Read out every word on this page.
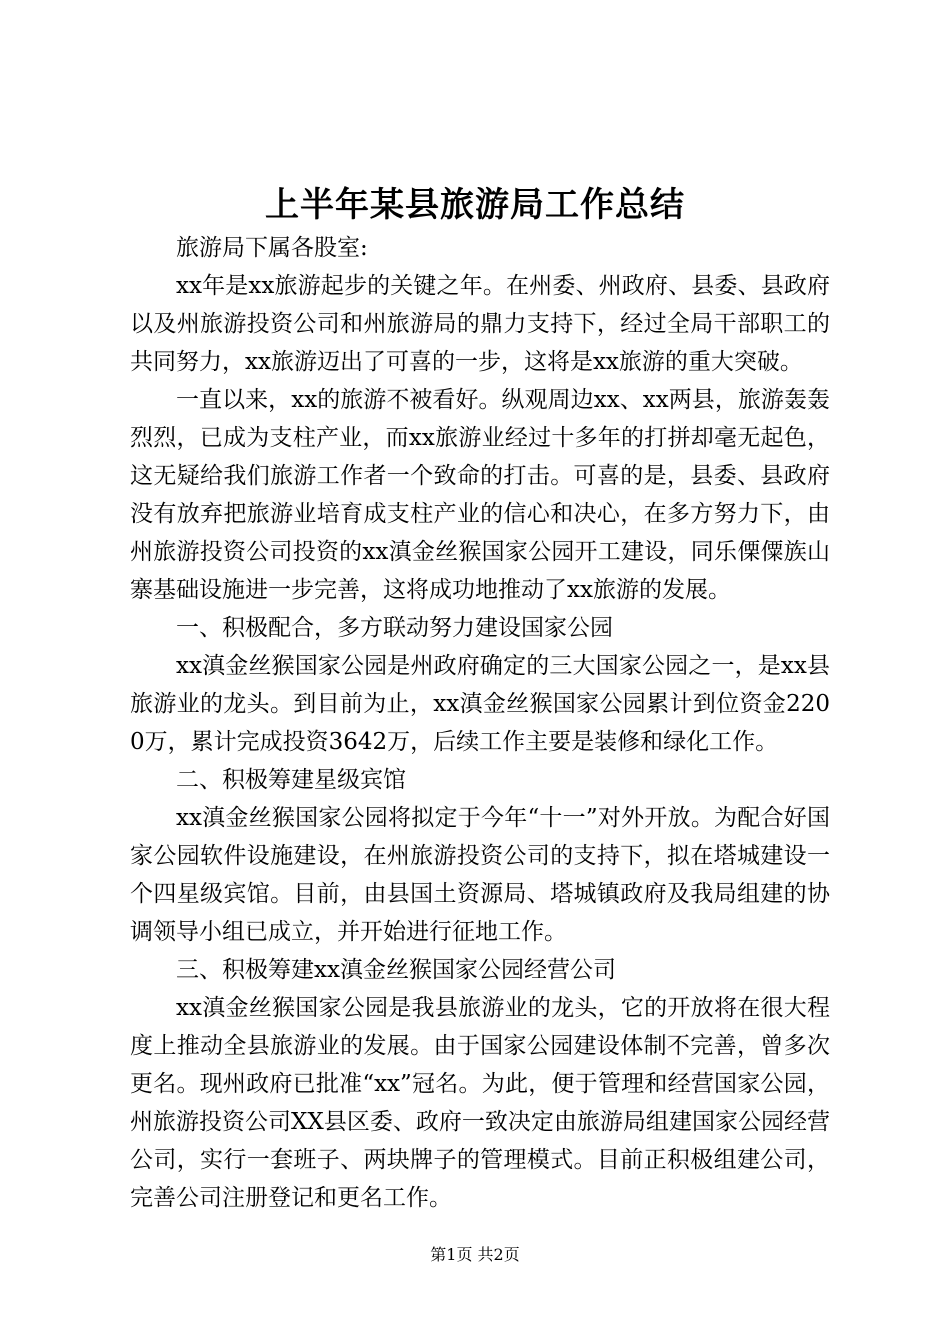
上半年某县旅游局工作总结

旅游局下属各股室:

xx年是xx旅游起步的关键之年。在州委、州政府、县委、县政府以及州旅游投资公司和州旅游局的鼎力支持下，经过全局干部职工的共同努力，xx旅游迈出了可喜的一步，这将是xx旅游的重大突破。

一直以来，xx的旅游不被看好。纵观周边xx、xx两县，旅游轰轰烈烈，已成为支柱产业，而xx旅游业经过十多年的打拼却毫无起色，这无疑给我们旅游工作者一个致命的打击。可喜的是，县委、县政府没有放弃把旅游业培育成支柱产业的信心和决心，在多方努力下，由州旅游投资公司投资的xx滇金丝猴国家公园开工建设，同乐傈僳族山寨基础设施进一步完善，这将成功地推动了xx旅游的发展。

一、积极配合，多方联动努力建设国家公园

xx滇金丝猴国家公园是州政府确定的三大国家公园之一，是xx县旅游业的龙头。到目前为止，xx滇金丝猴国家公园累计到位资金2200万，累计完成投资3642万，后续工作主要是装修和绿化工作。

二、积极筹建星级宾馆

xx滇金丝猴国家公园将拟定于今年“十一”对外开放。为配合好国家公园软件设施建设，在州旅游投资公司的支持下，拟在塔城建设一个四星级宾馆。目前，由县国土资源局、塔城镇政府及我局组建的协调领导小组已成立，并开始进行征地工作。

三、积极筹建xx滇金丝猴国家公园经营公司

xx滇金丝猴国家公园是我县旅游业的龙头，它的开放将在很大程度上推动全县旅游业的发展。由于国家公园建设体制不完善，曾多次更名。现州政府已批准“xx”冠名。为此，便于管理和经营国家公园，州旅游投资公司XX县区委、政府一致决定由旅游局组建国家公园经营公司，实行一套班子、两块牌子的管理模式。目前正积极组建公司，完善公司注册登记和更名工作。

第1页 共2页
